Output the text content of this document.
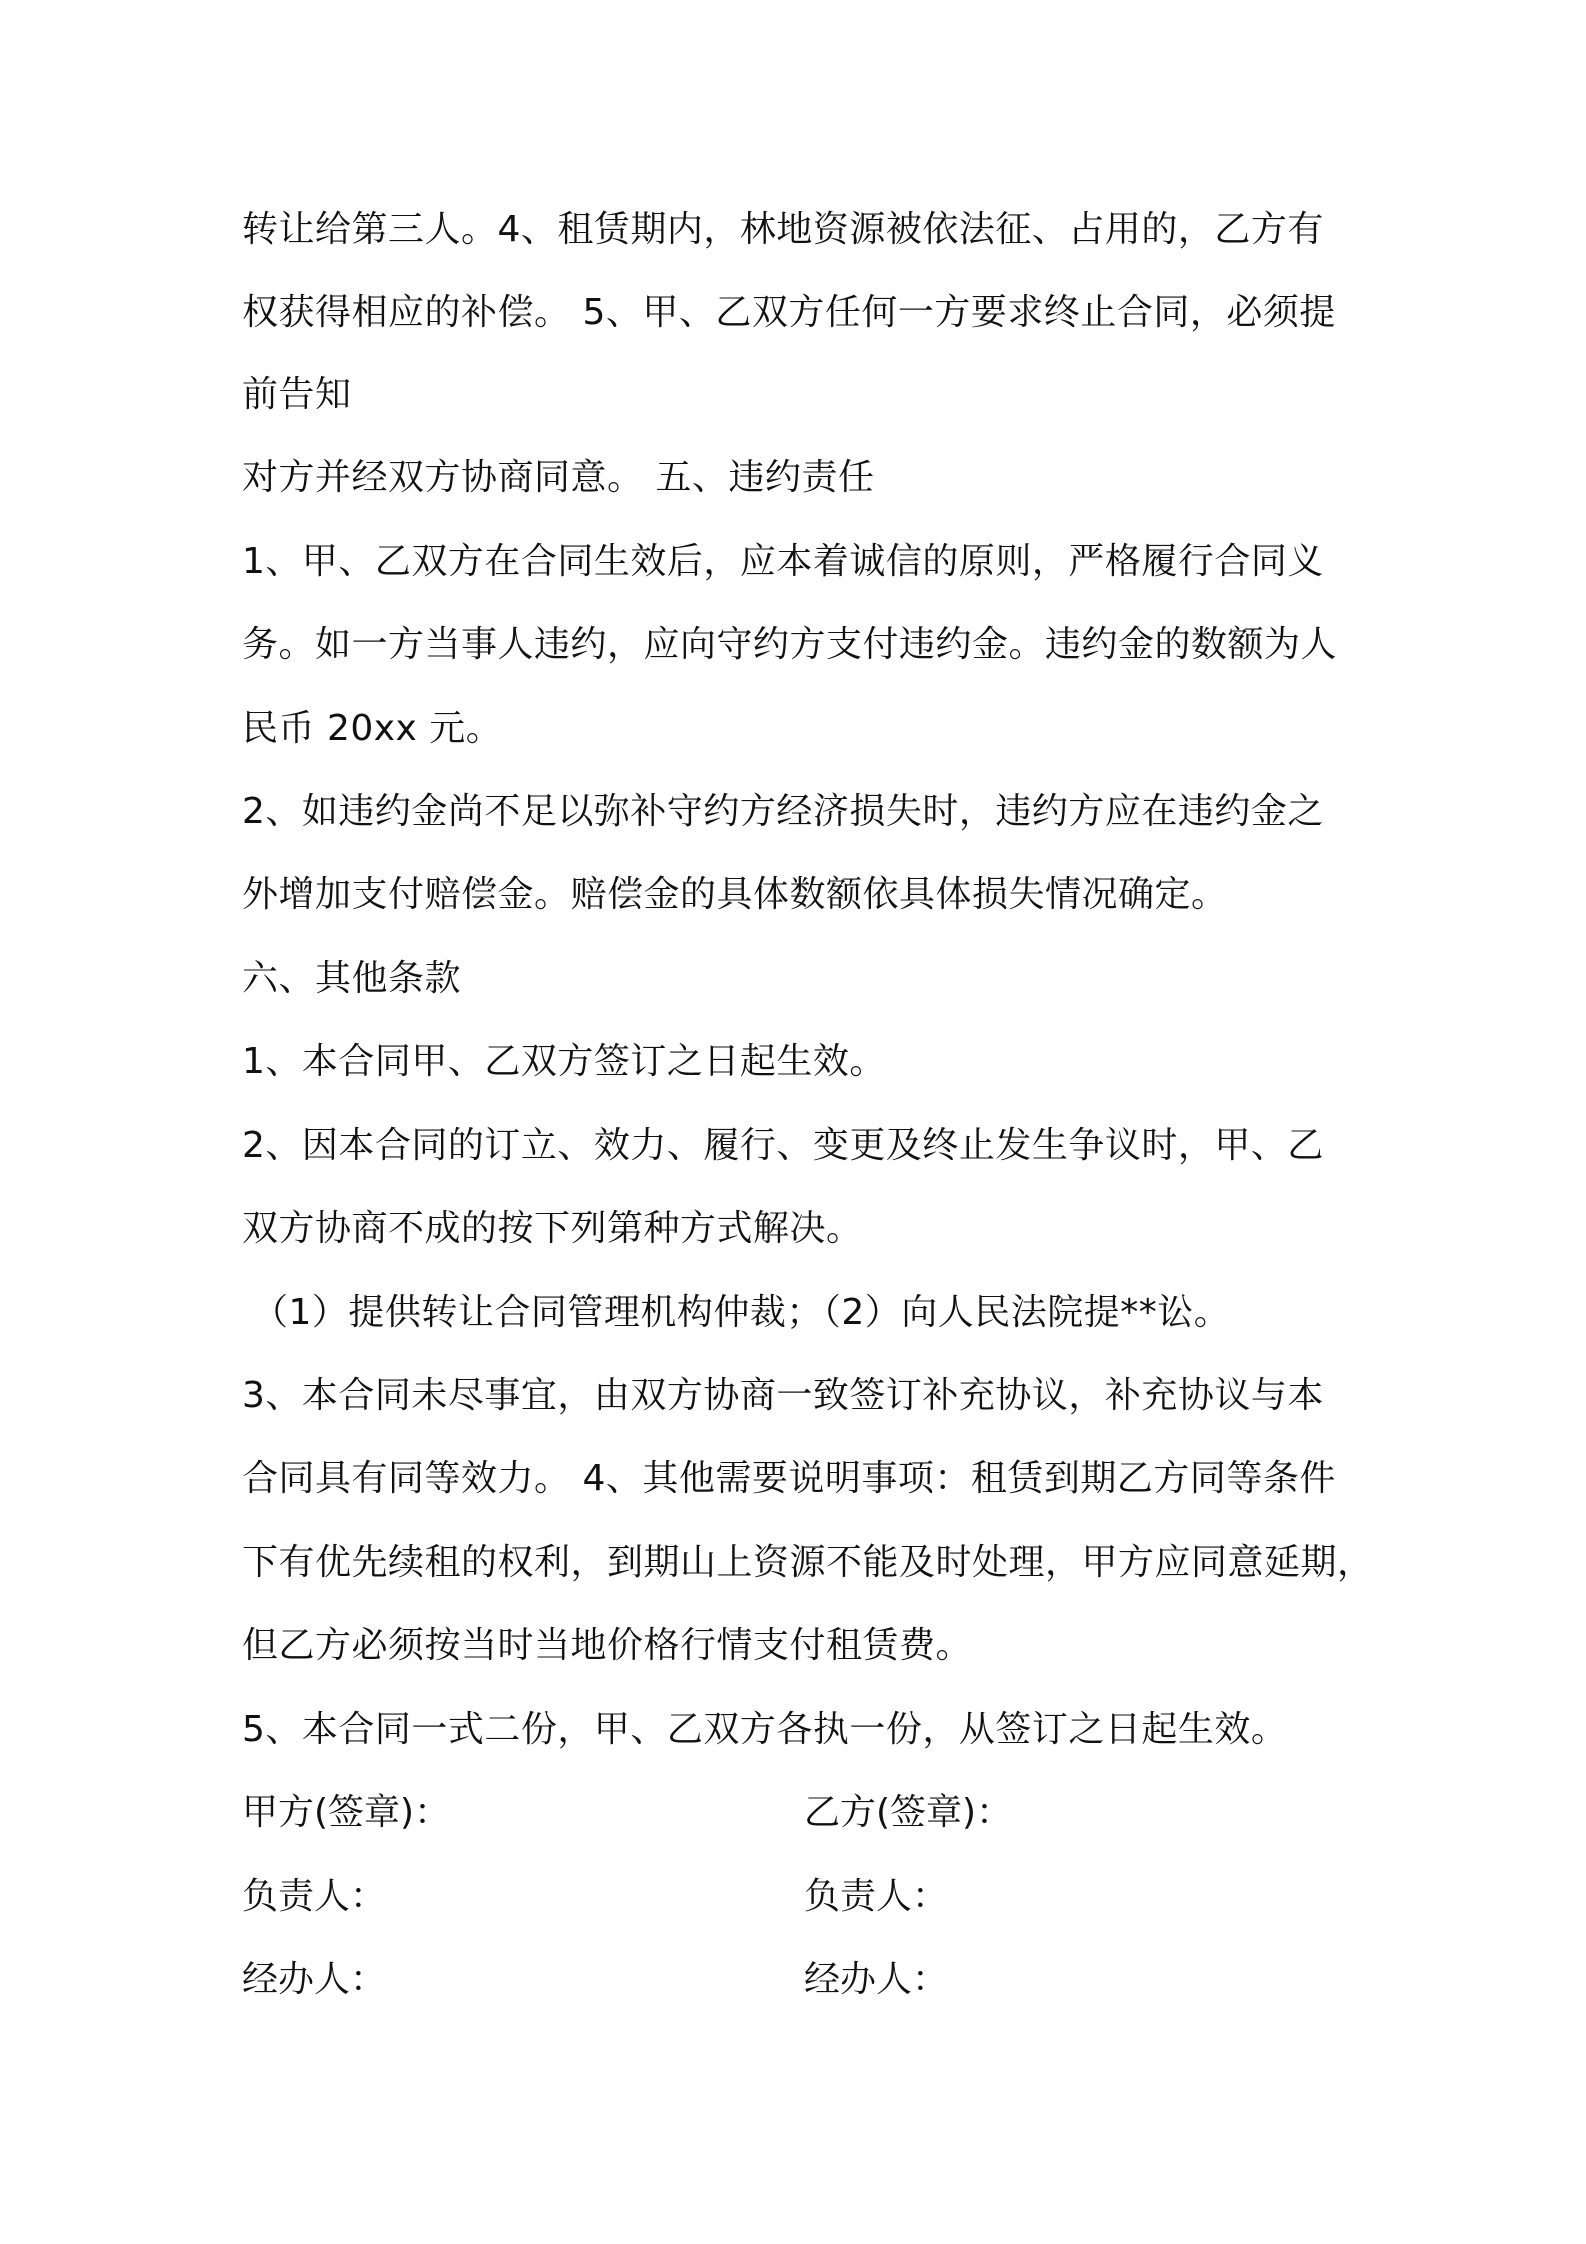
转让给第三人。4、租赁期内，林地资源被依法征、占用的，乙方有
权获得相应的补偿。 5、甲、乙双方任何一方要求终止合同，必须提
前告知
对方并经双方协商同意。 五、违约责任
1、甲、乙双方在合同生效后，应本着诚信的原则，严格履行合同义
务。如一方当事人违约，应向守约方支付违约金。违约金的数额为人
民币 20xx 元。
2、如违约金尚不足以弥补守约方经济损失时，违约方应在违约金之
外增加支付赔偿金。赔偿金的具体数额依具体损失情况确定。
六、其他条款
1、本合同甲、乙双方签订之日起生效。
2、因本合同的订立、效力、履行、变更及终止发生争议时，甲、乙
双方协商不成的按下列第种方式解决。
（1）提供转让合同管理机构仲裁；（2）向人民法院提**讼。
3、本合同未尽事宜，由双方协商一致签订补充协议，补充协议与本
合同具有同等效力。 4、其他需要说明事项：租赁到期乙方同等条件
下有优先续租的权利，到期山上资源不能及时处理，甲方应同意延期，
但乙方必须按当时当地价格行情支付租赁费。
5、本合同一式二份，甲、乙双方各执一份，从签订之日起生效。
甲方(签章)：	乙方(签章)：
负责人：	负责人：
经办人：	经办人：
